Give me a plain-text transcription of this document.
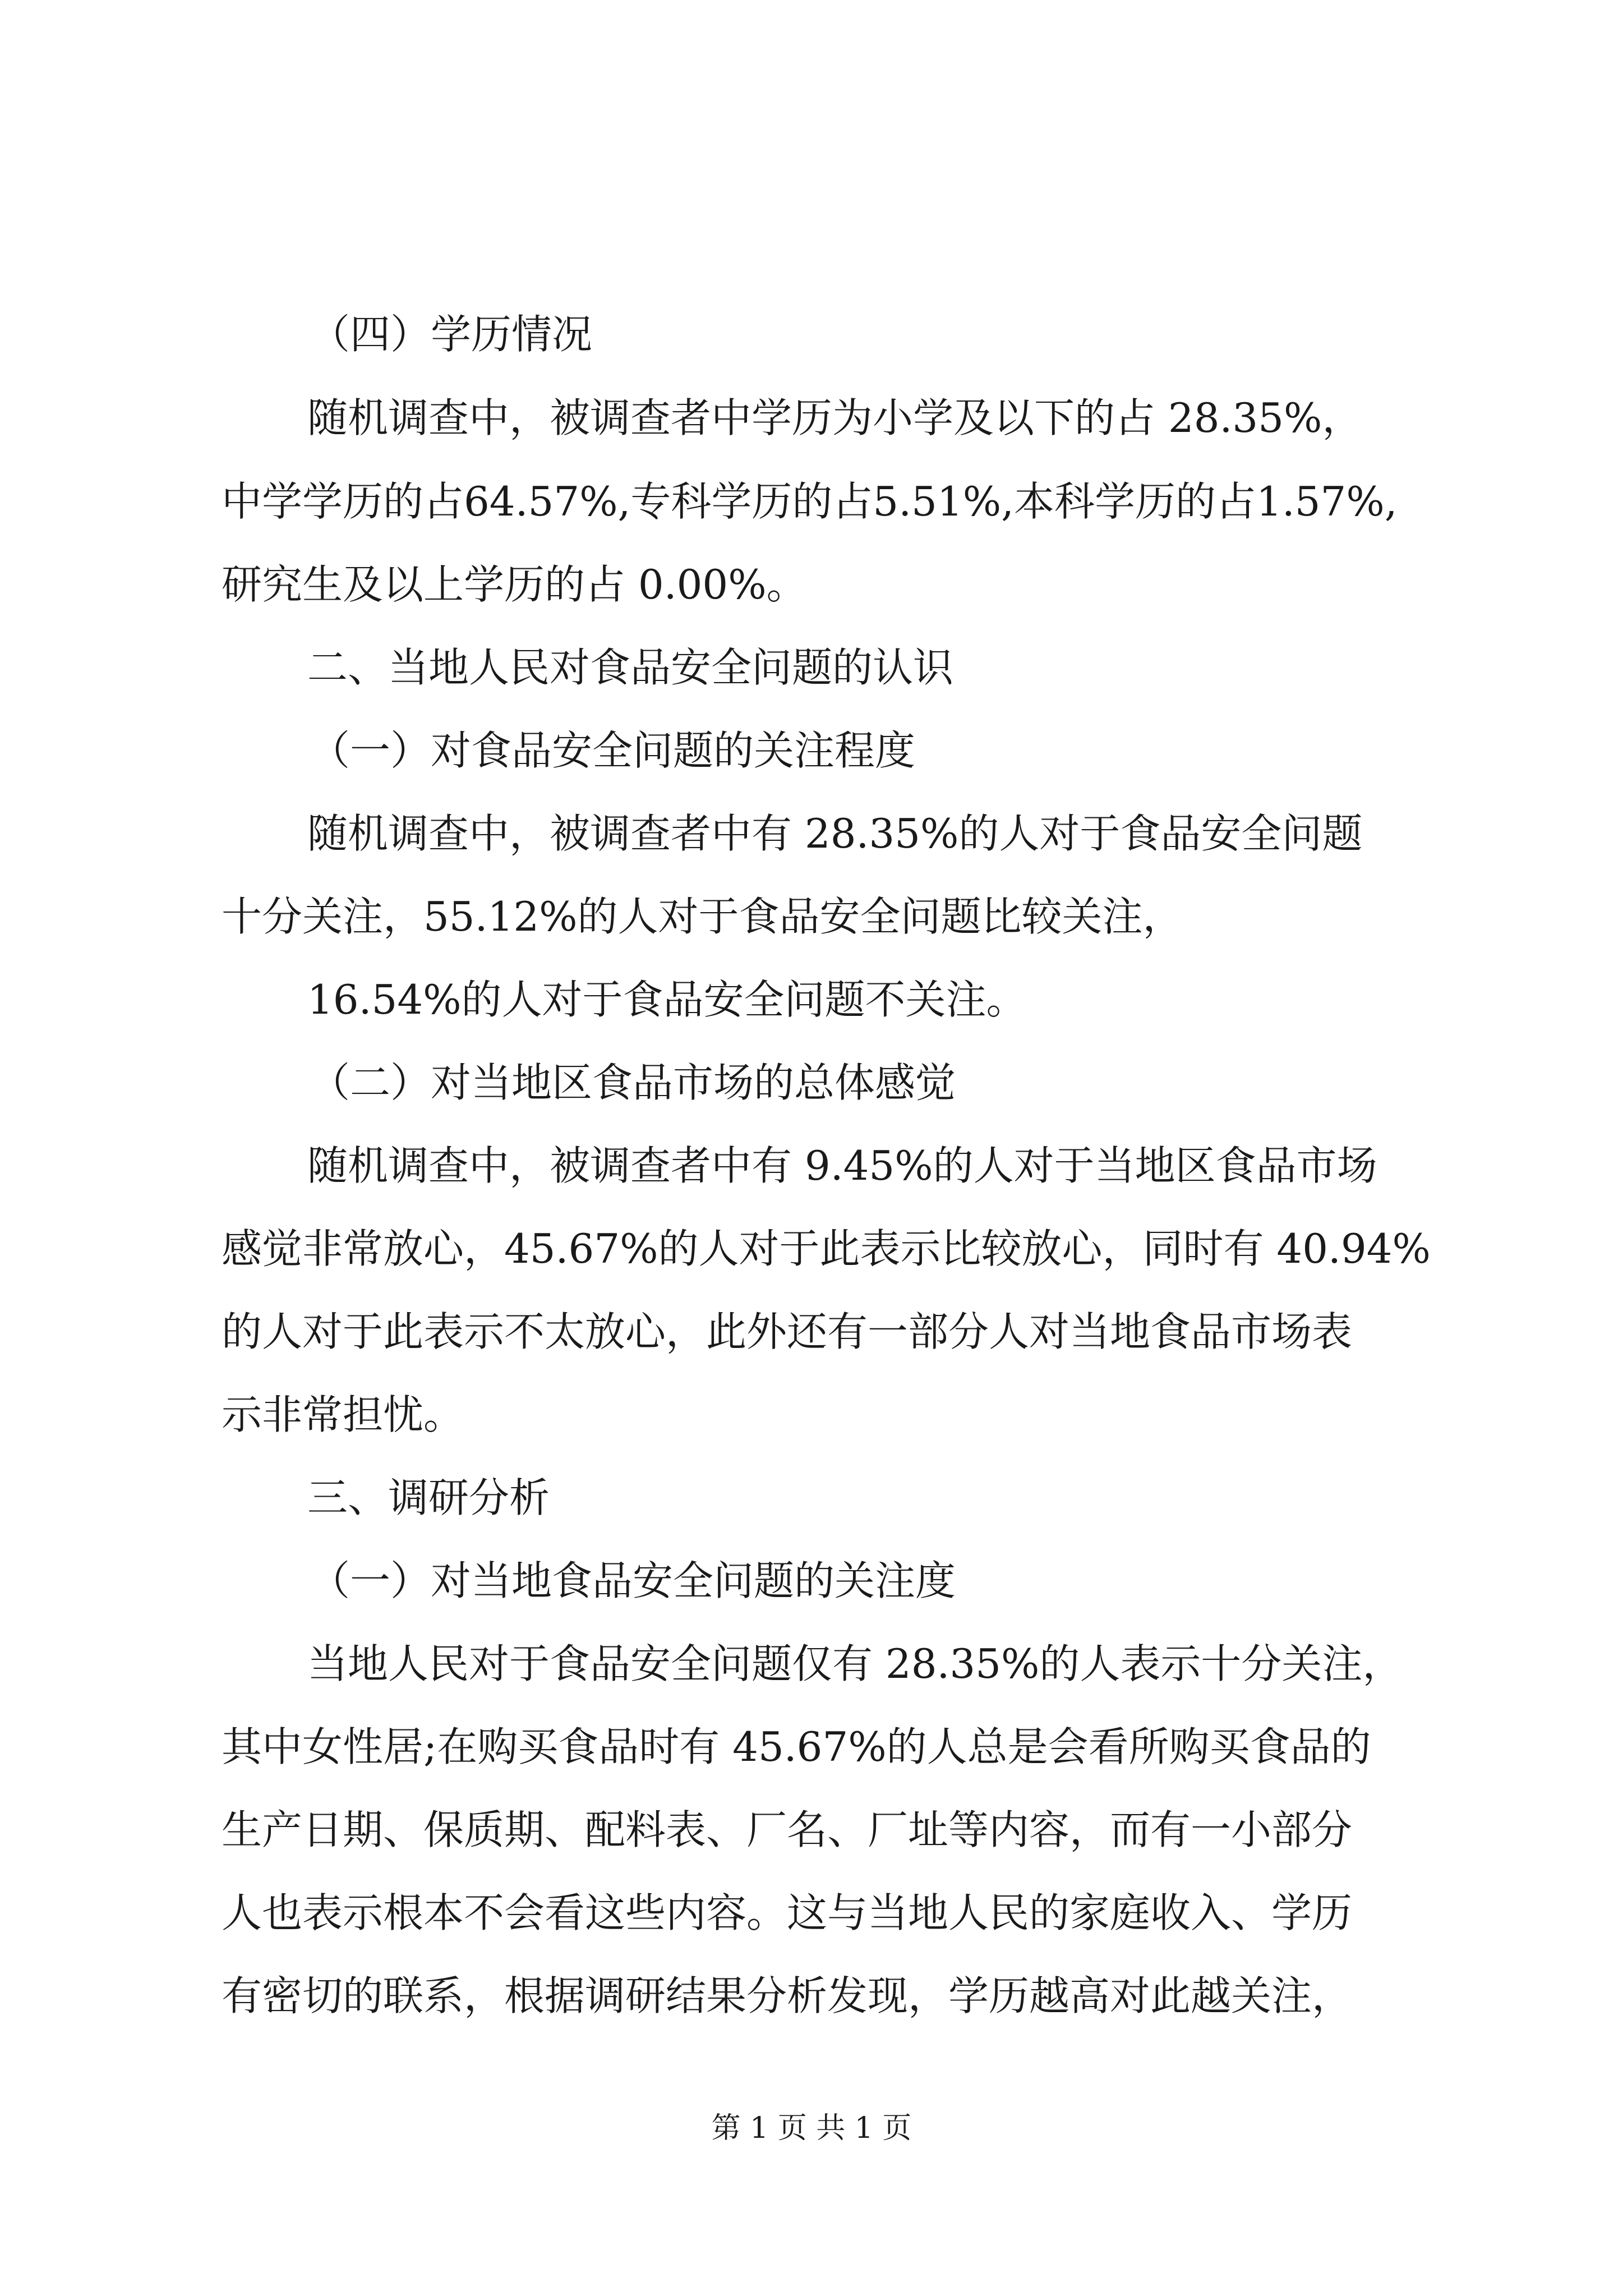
（四）学历情况
随机调查中，被调查者中学历为小学及以下的占 28.35%，
中学学历的占64.57%,专科学历的占5.51%,本科学历的占1.57%,
研究生及以上学历的占 0.00%。
二、当地人民对食品安全问题的认识
（一）对食品安全问题的关注程度
随机调查中，被调查者中有 28.35%的人对于食品安全问题
十分关注，55.12%的人对于食品安全问题比较关注，
16.54%的人对于食品安全问题不关注。
（二）对当地区食品市场的总体感觉
随机调查中，被调查者中有 9.45%的人对于当地区食品市场
感觉非常放心，45.67%的人对于此表示比较放心，同时有 40.94%
的人对于此表示不太放心，此外还有一部分人对当地食品市场表
示非常担忧。
三、调研分析
（一）对当地食品安全问题的关注度
当地人民对于食品安全问题仅有 28.35%的人表示十分关注，
其中女性居;在购买食品时有 45.67%的人总是会看所购买食品的
生产日期、保质期、配料表、厂名、厂址等内容，而有一小部分
人也表示根本不会看这些内容。这与当地人民的家庭收入、学历
有密切的联系，根据调研结果分析发现，学历越高对此越关注，
第 1 页 共 1 页
